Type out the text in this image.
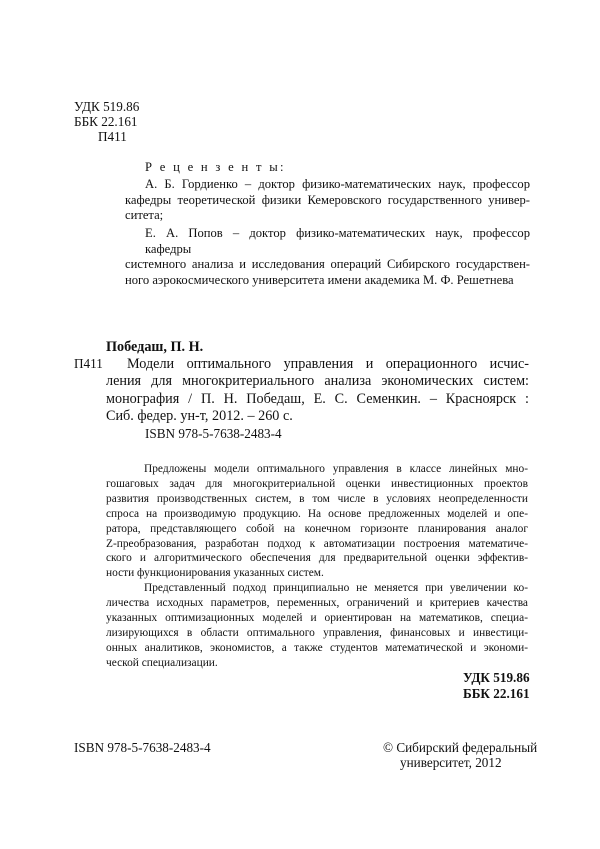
УДК 519.86
ББК 22.161
П411
Р е ц е н з е н т ы:
А. Б. Гордиенко – доктор физико-математических наук, профессор
кафедры теоретической физики Кемеровского государственного универ-
ситета;
Е. А. Попов – доктор физико-математических наук, профессор кафедры
системного анализа и исследования операций Сибирского государствен-
ного аэрокосмического университета имени академика М. Ф. Решетнева
Победаш, П. Н.
П411	Модели оптимального управления и операционного исчис-
ления для многокритериального анализа экономических систем:
монография / П. Н. Победаш, Е. С. Семенкин. – Красноярск :
Сиб. федер. ун-т, 2012. – 260 с.
ISBN 978-5-7638-2483-4
Предложены модели оптимального управления в классе линейных мно-
гошаговых задач для многокритериальной оценки инвестиционных проектов
развития производственных систем, в том числе в условиях неопределенности
спроса на производимую продукцию. На основе предложенных моделей и опе-
ратора, представляющего собой на конечном горизонте планирования аналог
Z-преобразования, разработан подход к автоматизации построения математиче-
ского и алгоритмического обеспечения для предварительной оценки эффектив-
ности функционирования указанных систем.
Представленный подход принципиально не меняется при увеличении ко-
личества исходных параметров, переменных, ограничений и критериев качества
указанных оптимизационных моделей и ориентирован на математиков, специа-
лизирующихся в области оптимального управления, финансовых и инвестици-
онных аналитиков, экономистов, а также студентов математической и экономи-
ческой специализации.
УДК 519.86
ББК 22.161
ISBN 978-5-7638-2483-4	© Сибирский федеральный
университет, 2012
